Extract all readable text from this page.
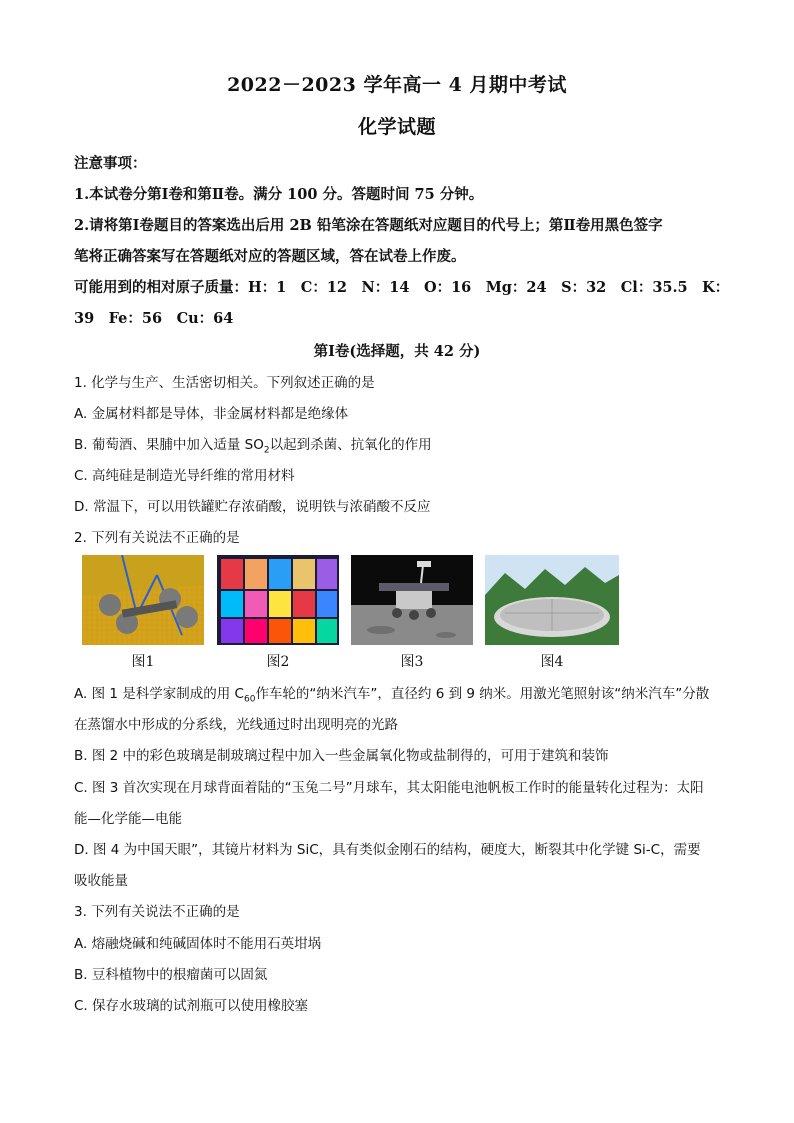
2022－2023 学年高一 4 月期中考试
化学试题
注意事项：
1.本试卷分第Ⅰ卷和第Ⅱ卷。满分 100 分。答题时间 75 分钟。
2.请将第Ⅰ卷题目的答案选出后用 2B 铅笔涂在答题纸对应题目的代号上；第Ⅱ卷用黑色签字
笔将正确答案写在答题纸对应的答题区域，答在试卷上作废。
可能用到的相对原子质量：H：1　C：12　N：14　O：16　Mg：24　S：32　Cl：35.5　K：
39　Fe：56　Cu：64
第Ⅰ卷(选择题，共 42 分)
1. 化学与生产、生活密切相关。下列叙述正确的是
A. 金属材料都是导体，非金属材料都是绝缘体
B. 葡萄酒、果脯中加入适量 $SO_2$以起到杀菌、抗氧化的作用
C. 高纯硅是制造光导纤维的常用材料
D. 常温下，可以用铁罐贮存浓硝酸，说明铁与浓硝酸不反应
2. 下列有关说法不正确的是
图1	图2	图3	图4
A. 图 1 是科学家制成的用 $C_{60}$作车轮的“纳米汽车”，直径约 6 到 9 纳米。用激光笔照射该“纳米汽车”分散
在蒸馏水中形成的分系线，光线通过时出现明亮的光路
B. 图 2 中的彩色玻璃是制玻璃过程中加入一些金属氧化物或盐制得的，可用于建筑和装饰
C. 图 3 首次实现在月球背面着陆的“玉兔二号”月球车，其太阳能电池帆板工作时的能量转化过程为：太阳
能—化学能—电能
D. 图 4 为中国天眼”，其镜片材料为 SiC，具有类似金刚石的结构，硬度大，断裂其中化学键 Si-C，需要
吸收能量
3. 下列有关说法不正确的是
A. 熔融烧碱和纯碱固体时不能用石英坩埚
B. 豆科植物中的根瘤菌可以固氮
C. 保存水玻璃的试剂瓶可以使用橡胶塞
